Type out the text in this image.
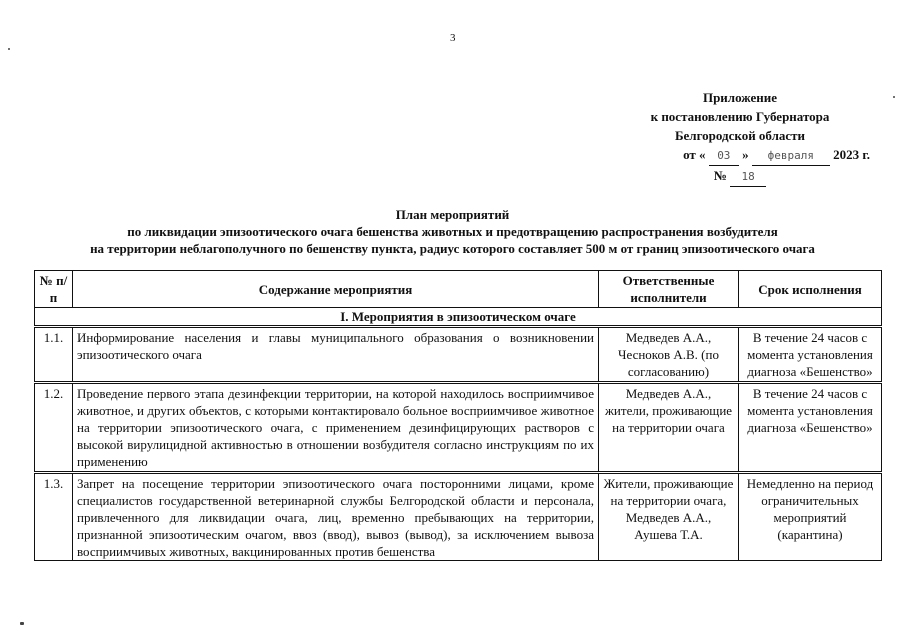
3
Приложение
к постановлению Губернатора
Белгородской области
от « 03 » февраля 2023 г.
№ 18
План мероприятий
по ликвидации эпизоотического очага бешенства животных и предотвращению распространения возбудителя
на территории неблагополучного по бешенству пункта, радиус которого составляет 500 м от границ эпизоотического очага
№ п/п	Содержание мероприятия	Ответственные исполнители	Срок исполнения
I. Мероприятия в эпизоотическом очаге			
1.1.	Информирование населения и главы муниципального образования о возникновении эпизоотического очага	Медведев А.А., Чесноков А.В. (по согласованию)	В течение 24 часов с момента установления диагноза «Бешенство»
1.2.	Проведение первого этапа дезинфекции территории, на которой находилось восприимчивое животное, и других объектов, с которыми контактировало больное восприимчивое животное на территории эпизоотического очага, с применением дезинфицирующих растворов с высокой вирулицидной активностью в отношении возбудителя согласно инструкциям по их применению	Медведев А.А., жители, проживающие на территории очага	В течение 24 часов с момента установления диагноза «Бешенство»
1.3.	Запрет на посещение территории эпизоотического очага посторонними лицами, кроме специалистов государственной ветеринарной службы Белгородской области и персонала, привлеченного для ликвидации очага, лиц, временно пребывающих на территории, признанной эпизоотическим очагом, ввоз (ввод), вывоз (вывод), за исключением вывоза восприимчивых животных, вакцинированных против бешенства	Жители, проживающие на территории очага, Медведев А.А., Аушева Т.А.	Немедленно на период ограничительных мероприятий (карантина)
